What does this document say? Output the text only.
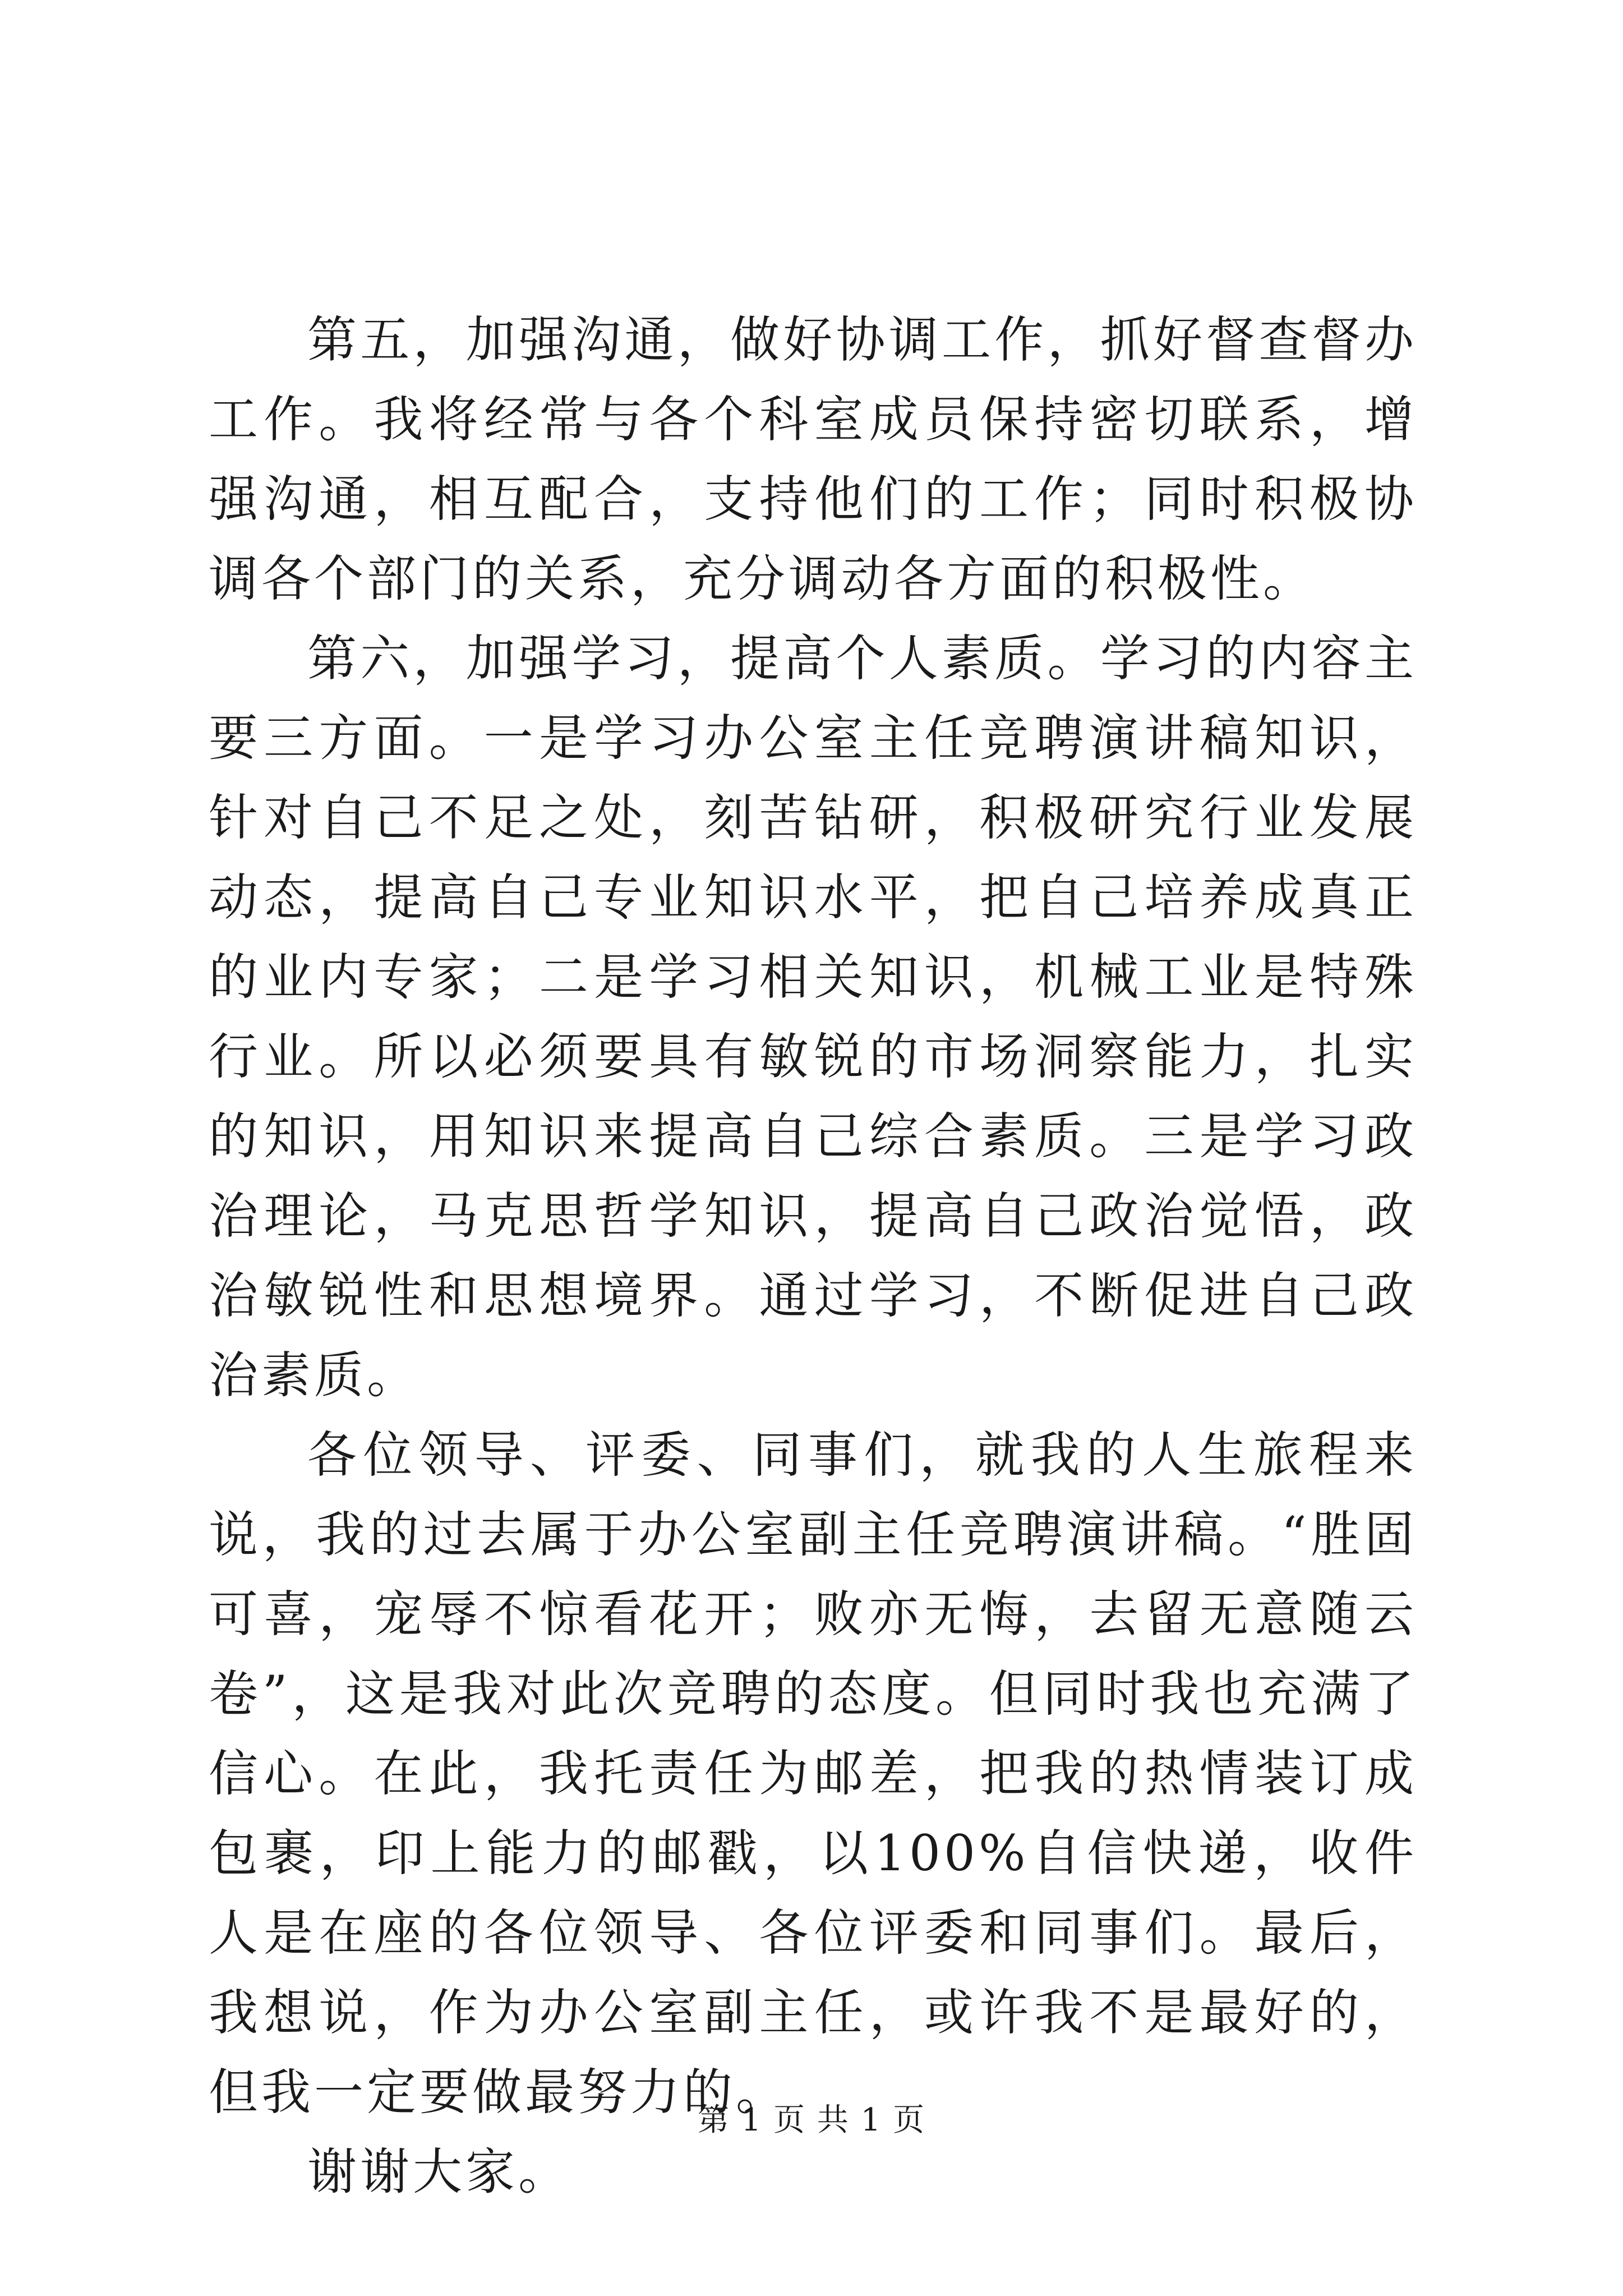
第五，加强沟通，做好协调工作，抓好督查督办工作。我将经常与各个科室成员保持密切联系，增强沟通，相互配合，支持他们的工作；同时积极协调各个部门的关系，充分调动各方面的积极性。

第六，加强学习，提高个人素质。学习的内容主要三方面。一是学习办公室主任竞聘演讲稿知识，针对自己不足之处，刻苦钻研，积极研究行业发展动态，提高自己专业知识水平，把自己培养成真正的业内专家；二是学习相关知识，机械工业是特殊行业。所以必须要具有敏锐的市场洞察能力，扎实的知识，用知识来提高自己综合素质。三是学习政治理论，马克思哲学知识，提高自己政治觉悟，政治敏锐性和思想境界。通过学习，不断促进自己政治素质。

各位领导、评委、同事们，就我的人生旅程来说，我的过去属于办公室副主任竞聘演讲稿。“胜固可喜，宠辱不惊看花开；败亦无悔，去留无意随云卷”，这是我对此次竞聘的态度。但同时我也充满了信心。在此，我托责任为邮差，把我的热情装订成包裹，印上能力的邮戳，以100%自信快递，收件人是在座的各位领导、各位评委和同事们。最后，我想说，作为办公室副主任，或许我不是最好的，但我一定要做最努力的。

谢谢大家。

第 1 页 共 1 页
